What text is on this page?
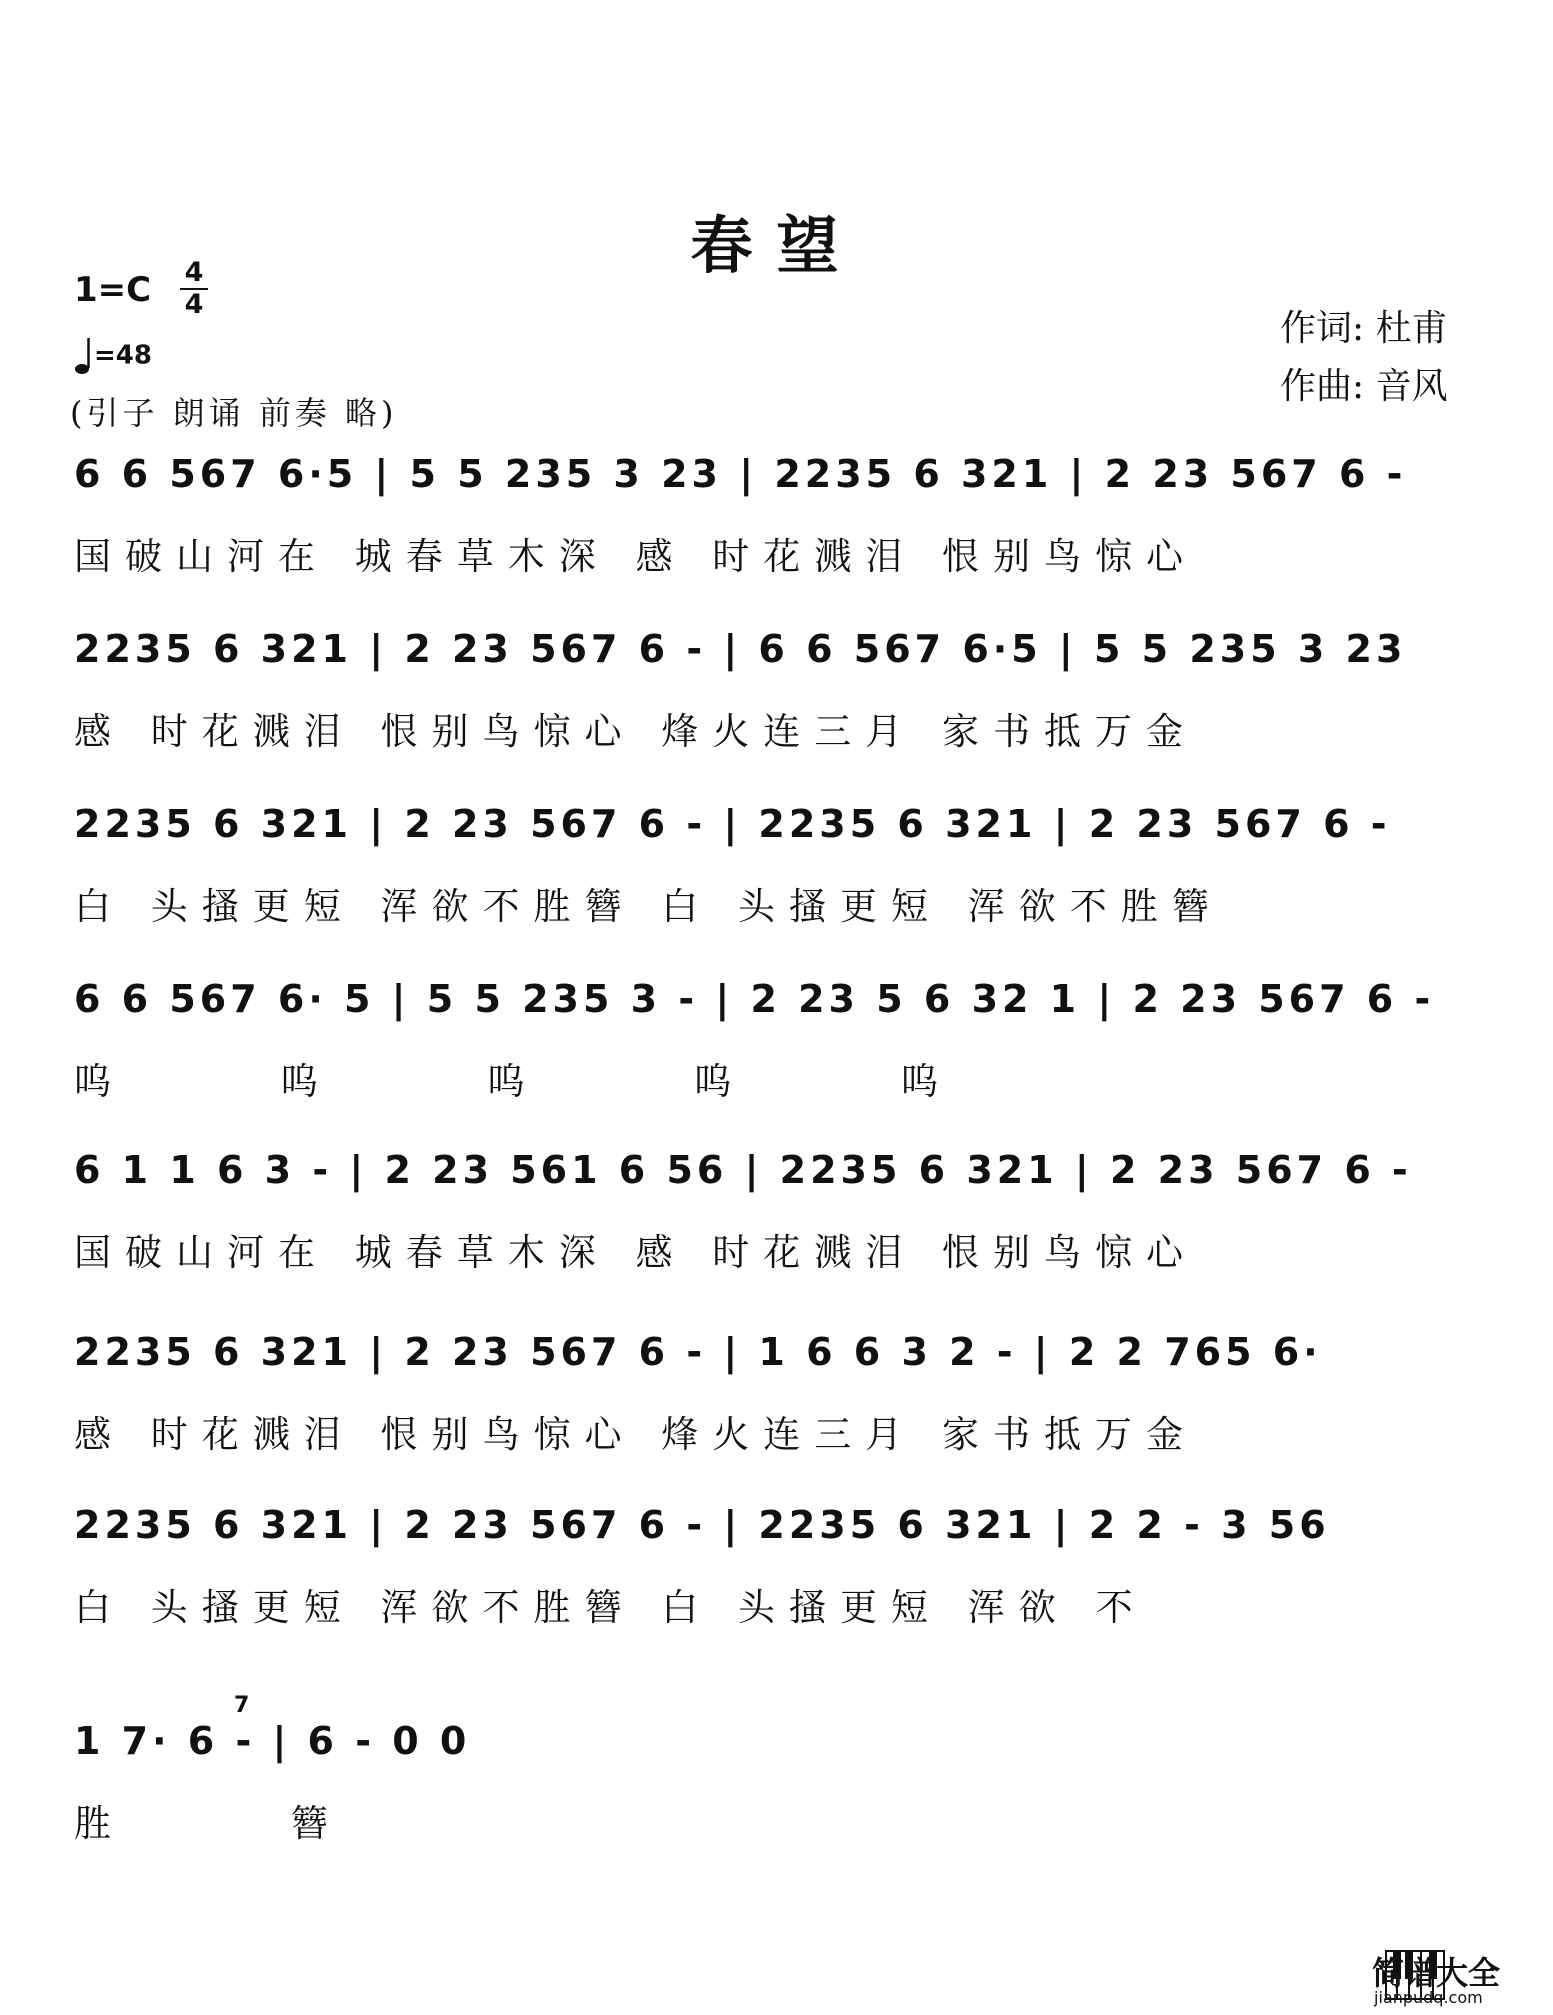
春望
1=C 4
4
=48
作词: 杜甫
作曲: 音风
(引子 朗诵 前奏 略)
6 6 567 6·5 | 5 5 235 3 23 | 2235 6 321 | 2 23 567 6 -
国破山河在 城春草木深 感 时花溅泪 恨别鸟惊心
2235 6 321 | 2 23 567 6 - | 6 6 567 6·5 | 5 5 235 3 23
感 时花溅泪 恨别鸟惊心 烽火连三月 家书抵万金
2235 6 321 | 2 23 567 6 - | 2235 6 321 | 2 23 567 6 -
白 头搔更短 浑欲不胜簪 白 头搔更短 浑欲不胜簪
6 6 567 6· 5 | 5 5 235 3 - | 2 23 5 6 32 1 | 2 23 567 6 -
呜 呜 呜 呜 呜
6 1 1 6 3 - | 2 23 561 6 56 | 2235 6 321 | 2 23 567 6 -
国破山河在 城春草木深 感 时花溅泪 恨别鸟惊心
2235 6 321 | 2 23 567 6 - | 1 6 6 3 2 - | 2 2 765 6·
感 时花溅泪 恨别鸟惊心 烽火连三月 家书抵万金
2235 6 321 | 2 23 567 6 - | 2235 6 321 | 2 2 - 3 56
白 头搔更短 浑欲不胜簪 白 头搔更短 浑欲 不
1 7· 6 - | 6 - 0 0
7
胜 簪
简谱大全
jianpudq.com
